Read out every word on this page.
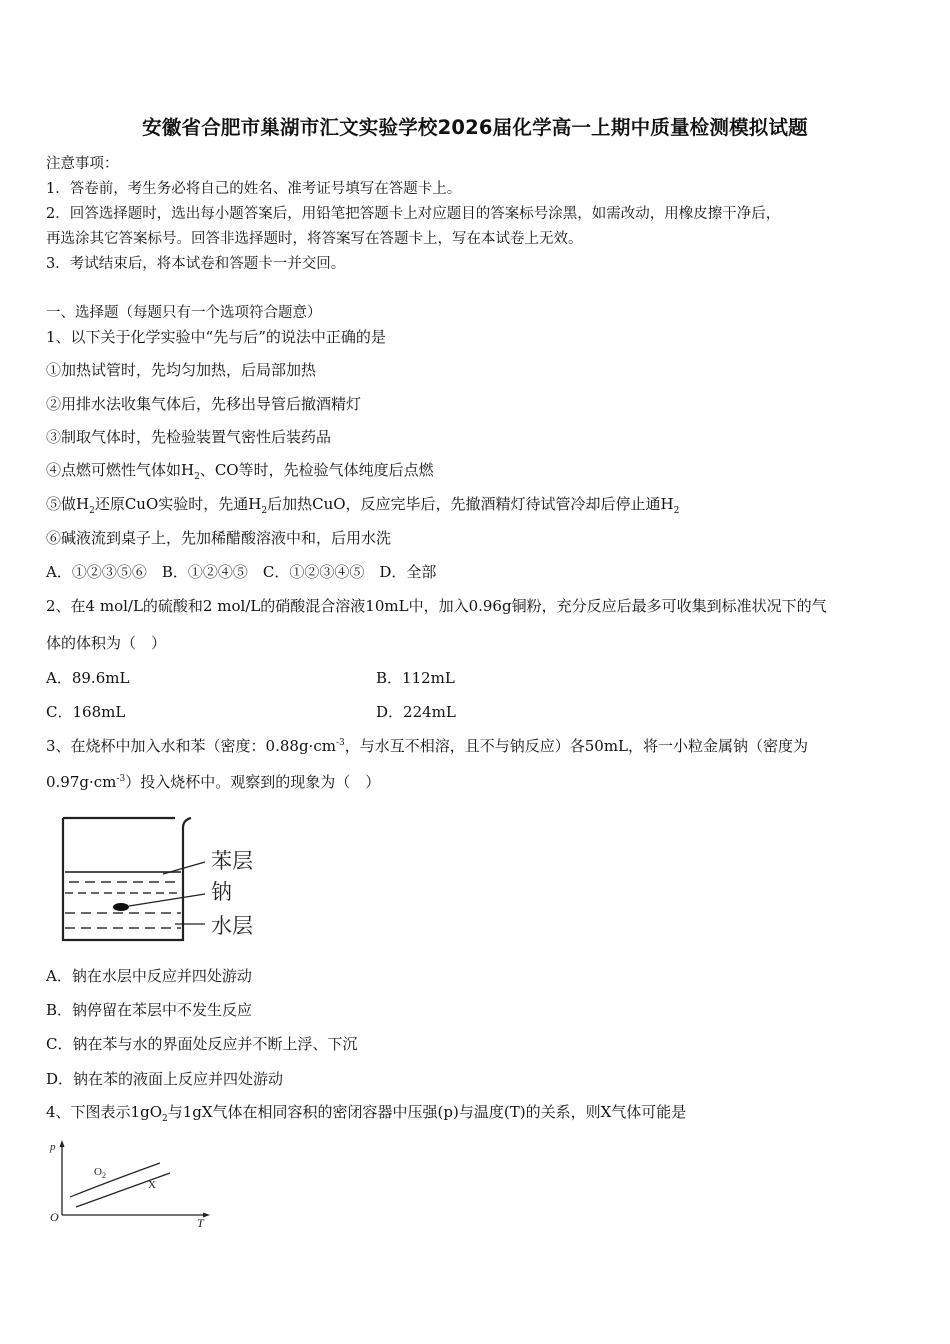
安徽省合肥市巢湖市汇文实验学校2026届化学高一上期中质量检测模拟试题
注意事项：
1．答卷前，考生务必将自己的姓名、准考证号填写在答题卡上。
2．回答选择题时，选出每小题答案后，用铅笔把答题卡上对应题目的答案标号涂黑，如需改动，用橡皮擦干净后，
再选涂其它答案标号。回答非选择题时，将答案写在答题卡上，写在本试卷上无效。
3．考试结束后，将本试卷和答题卡一并交回。
一、选择题（每题只有一个选项符合题意）
1、以下关于化学实验中“先与后”的说法中正确的是
①加热试管时，先均匀加热，后局部加热
②用排水法收集气体后，先移出导管后撤酒精灯
③制取气体时，先检验装置气密性后装药品
④点燃可燃性气体如$H_2$、CO等时，先检验气体纯度后点燃
⑤做$H_2$还原CuO实验时，先通$H_2$后加热CuO，反应完毕后，先撤酒精灯待试管冷却后停止通$H_2$
⑥碱液流到桌子上，先加稀醋酸溶液中和，后用水洗
A．①②③⑤⑥　B．①②④⑤　C．①②③④⑤　D．全部
2、在4 mol/L的硫酸和2 mol/L的硝酸混合溶液10mL中，加入0.96g铜粉，充分反应后最多可收集到标准状况下的气
体的体积为（　）
A．89.6mL	B．112mL
C．168mL	D．224mL
3、在烧杯中加入水和苯（密度：$0.88g\cdot cm^{-3}$，与水互不相溶，且不与钠反应）各50mL，将一小粒金属钠（密度为
$0.97g\cdot cm^{-3}$）投入烧杯中。观察到的现象为（　）
苯层
钠
水层
A．钠在水层中反应并四处游动
B．钠停留在苯层中不发生反应
C．钠在苯与水的界面处反应并不断上浮、下沉
D．钠在苯的液面上反应并四处游动
4、下图表示$1gO_2$与1gX气体在相同容积的密闭容器中压强(p)与温度(T)的关系，则X气体可能是
p
T
O
$O_2$
X
